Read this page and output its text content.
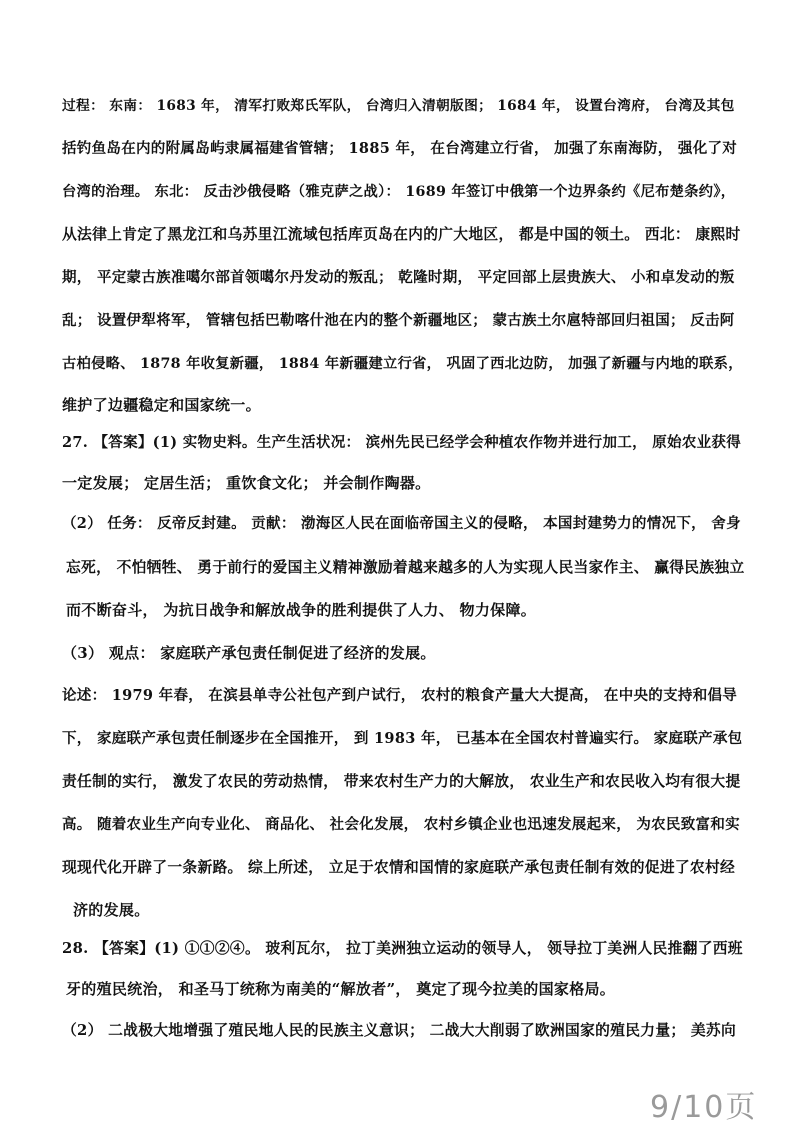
过程： 东南： 1683 年， 清军打败郑氏军队， 台湾归入清朝版图； 1684 年， 设置台湾府， 台湾及其包
括钓鱼岛在内的附属岛屿隶属福建省管辖； 1885 年， 在台湾建立行省， 加强了东南海防， 强化了对
台湾的治理。 东北： 反击沙俄侵略（雅克萨之战）： 1689 年签订中俄第一个边界条约《尼布楚条约》，
从法律上肯定了黑龙江和乌苏里江流域包括库页岛在内的广大地区， 都是中国的领土。 西北： 康熙时
期， 平定蒙古族准噶尔部首领噶尔丹发动的叛乱； 乾隆时期， 平定回部上层贵族大、 小和卓发动的叛
乱； 设置伊犁将军， 管辖包括巴勒喀什池在内的整个新疆地区； 蒙古族土尔扈特部回归祖国； 反击阿
古柏侵略、 1878 年收复新疆， 1884 年新疆建立行省， 巩固了西北边防， 加强了新疆与内地的联系，
维护了边疆稳定和国家统一。
27. 【答案】(1) 实物史料。生产生活状况： 滨州先民已经学会种植农作物并进行加工， 原始农业获得
一定发展； 定居生活； 重饮食文化； 并会制作陶器。
（2） 任务： 反帝反封建。 贡献： 渤海区人民在面临帝国主义的侵略， 本国封建势力的情况下， 舍身
忘死， 不怕牺牲、 勇于前行的爱国主义精神激励着越来越多的人为实现人民当家作主、 赢得民族独立
而不断奋斗， 为抗日战争和解放战争的胜利提供了人力、 物力保障。
（3） 观点： 家庭联产承包责任制促进了经济的发展。
论述： 1979 年春， 在滨县单寺公社包产到户试行， 农村的粮食产量大大提高， 在中央的支持和倡导
下， 家庭联产承包责任制逐步在全国推开， 到 1983 年， 已基本在全国农村普遍实行。 家庭联产承包
责任制的实行， 激发了农民的劳动热情， 带来农村生产力的大解放， 农业生产和农民收入均有很大提
高。 随着农业生产向专业化、 商品化、 社会化发展， 农村乡镇企业也迅速发展起来， 为农民致富和实
现现代化开辟了一条新路。 综上所述， 立足于农情和国情的家庭联产承包责任制有效的促进了农村经
济的发展。
28. 【答案】(1) ①①②④。 玻利瓦尔， 拉丁美洲独立运动的领导人， 领导拉丁美洲人民推翻了西班
牙的殖民统治， 和圣马丁统称为南美的“解放者”， 奠定了现今拉美的国家格局。
（2） 二战极大地增强了殖民地人民的民族主义意识； 二战大大削弱了欧洲国家的殖民力量； 美苏向
9/10页
